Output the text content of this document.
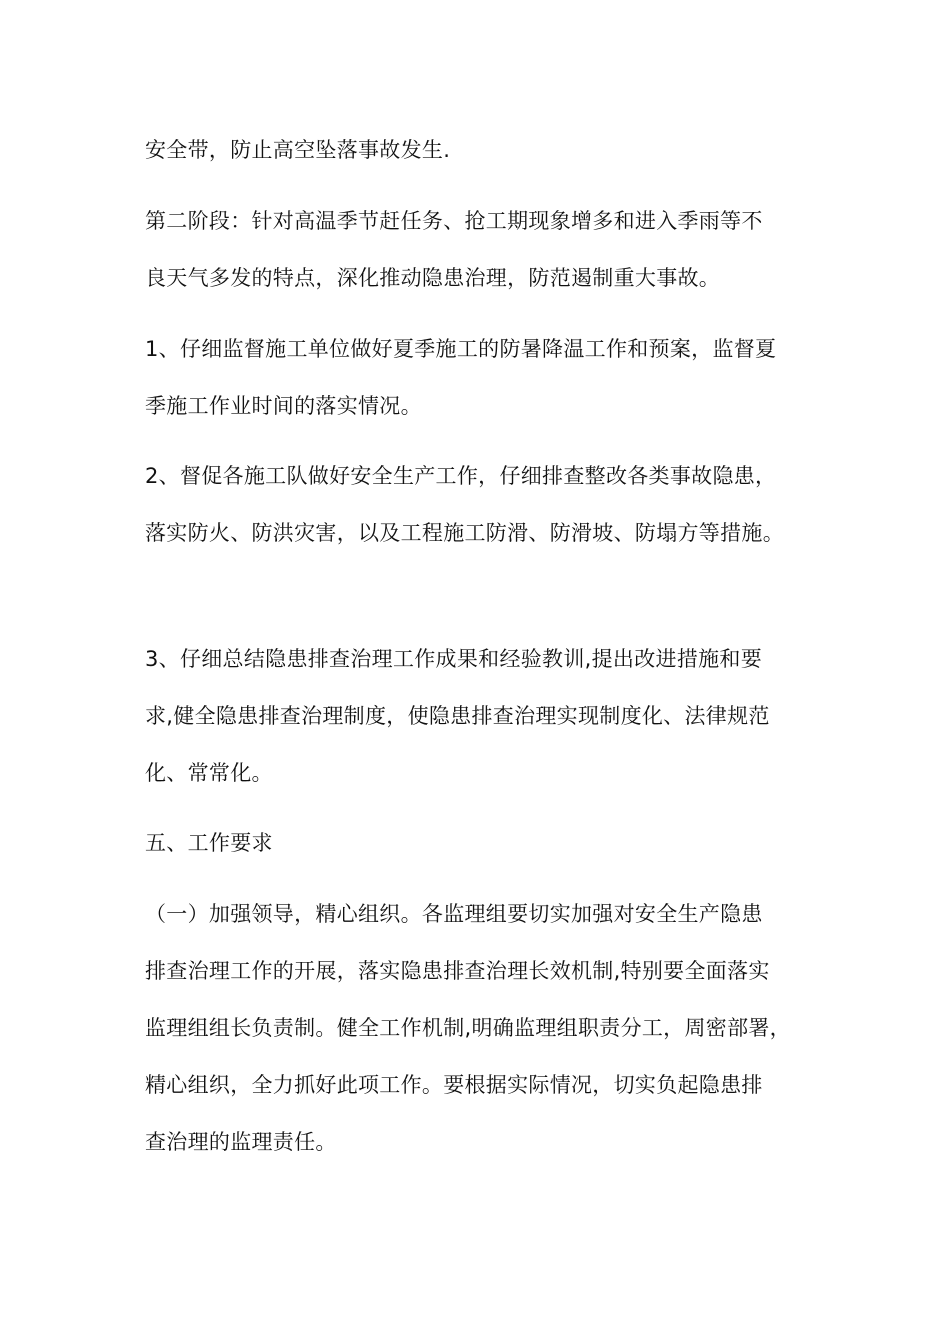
安全带，防止高空坠落事故发生.
第二阶段：针对高温季节赶任务、抢工期现象增多和进入季雨等不
良天气多发的特点，深化推动隐患治理，防范遏制重大事故。
1、仔细监督施工单位做好夏季施工的防暑降温工作和预案，监督夏
季施工作业时间的落实情况。
2、督促各施工队做好安全生产工作，仔细排查整改各类事故隐患，
落实防火、防洪灾害，以及工程施工防滑、防滑坡、防塌方等措施。
3、仔细总结隐患排查治理工作成果和经验教训,提出改进措施和要
求,健全隐患排查治理制度，使隐患排查治理实现制度化、法律规范
化、常常化。
五、工作要求
（一）加强领导，精心组织。各监理组要切实加强对安全生产隐患
排查治理工作的开展，落实隐患排查治理长效机制,特别要全面落实
监理组组长负责制。健全工作机制,明确监理组职责分工，周密部署，
精心组织，全力抓好此项工作。要根据实际情况，切实负起隐患排
查治理的监理责任。
